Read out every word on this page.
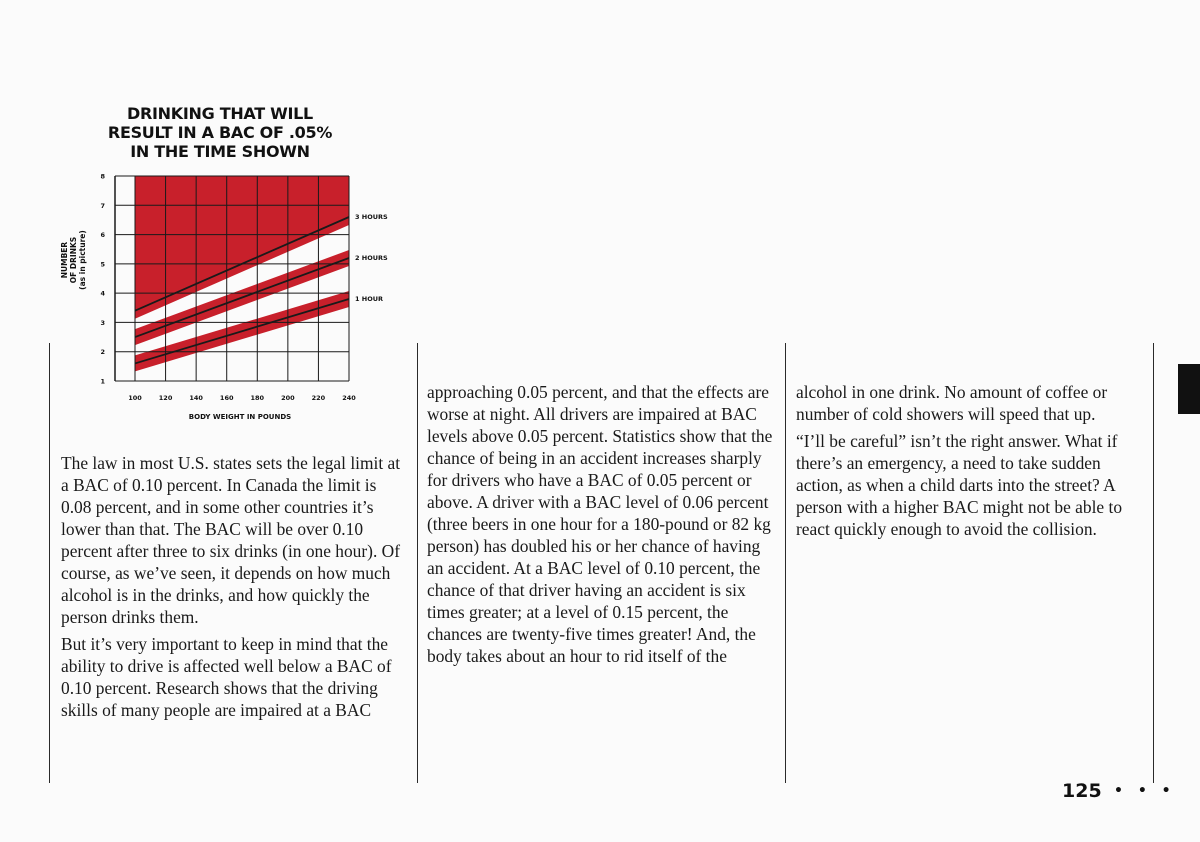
DRINKING THAT WILL
RESULT IN A BAC OF .05%
IN THE TIME SHOWN
1 HOUR
2 HOURS
3 HOURS
1
2
3
4
5
6
7
8
100	120	140	160	180	200	220	240
NUMBER OF DRINKS (as in picture)
BODY WEIGHT IN POUNDS

The law in most U.S. states sets the legal limit at a BAC of 0.10 percent. In Canada the limit is 0.08 percent, and in some other countries it’s lower than that. The BAC will be over 0.10 percent after three to six drinks (in one hour). Of course, as we’ve seen, it depends on how much alcohol is in the drinks, and how quickly the person drinks them.

But it’s very important to keep in mind that the ability to drive is affected well below a BAC of 0.10 percent. Research shows that the driving skills of many people are impaired at a BAC

approaching 0.05 percent, and that the effects are worse at night. All drivers are impaired at BAC levels above 0.05 percent. Statistics show that the chance of being in an accident increases sharply for drivers who have a BAC of 0.05 percent or above. A driver with a BAC level of 0.06 percent (three beers in one hour for a 180-pound or 82 kg person) has doubled his or her chance of having an accident. At a BAC level of 0.10 percent, the chance of that driver having an accident is six times greater; at a level of 0.15 percent, the chances are twenty-five times greater! And, the body takes about an hour to rid itself of the

alcohol in one drink. No amount of coffee or number of cold showers will speed that up.

“I’ll be careful” isn’t the right answer. What if there’s an emergency, a need to take sudden action, as when a child darts into the street? A person with a higher BAC might not be able to react quickly enough to avoid the collision.

125 • • •
